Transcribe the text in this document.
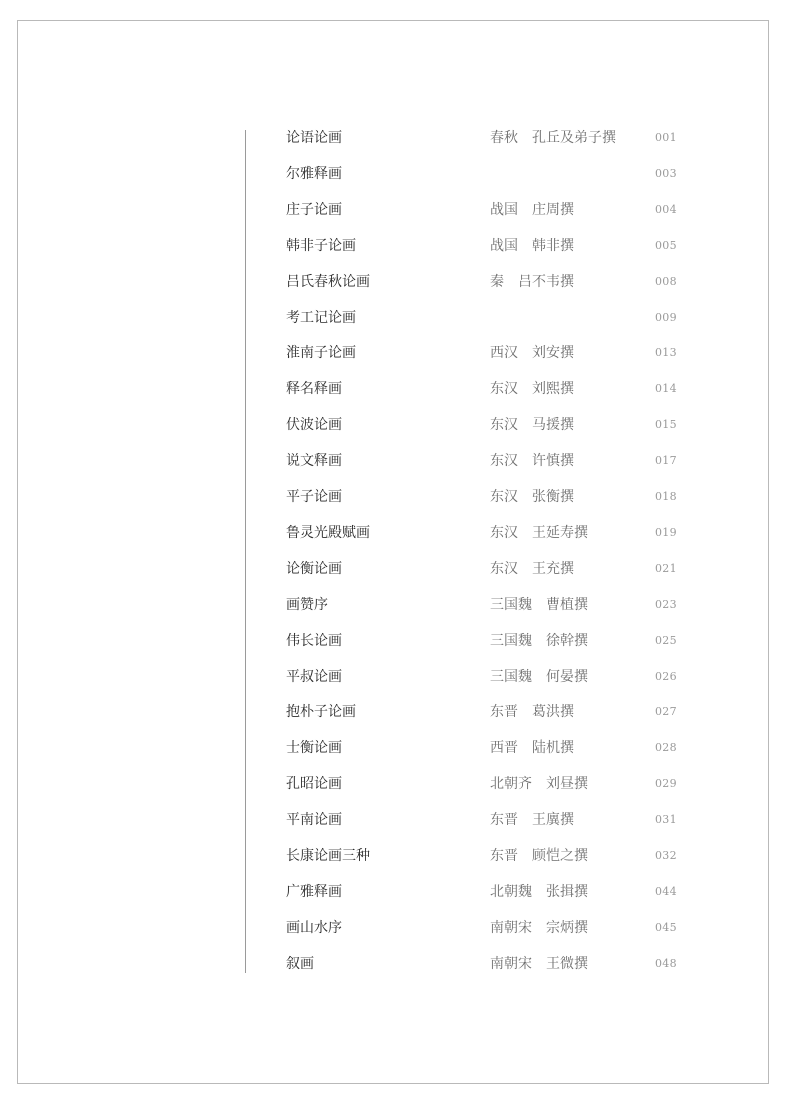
论语论画	春秋　孔丘及弟子撰	001
尔雅释画	003
庄子论画	战国　庄周撰	004
韩非子论画	战国　韩非撰	005
吕氏春秋论画	秦　吕不韦撰	008
考工记论画	009
淮南子论画	西汉　刘安撰	013
释名释画	东汉　刘熙撰	014
伏波论画	东汉　马援撰	015
说文释画	东汉　许慎撰	017
平子论画	东汉　张衡撰	018
鲁灵光殿赋画	东汉　王延寿撰	019
论衡论画	东汉　王充撰	021
画赞序	三国魏　曹植撰	023
伟长论画	三国魏　徐幹撰	025
平叔论画	三国魏　何晏撰	026
抱朴子论画	东晋　葛洪撰	027
士衡论画	西晋　陆机撰	028
孔昭论画	北朝齐　刘昼撰	029
平南论画	东晋　王廙撰	031
长康论画三种	东晋　顾恺之撰	032
广雅释画	北朝魏　张揖撰	044
画山水序	南朝宋　宗炳撰	045
叙画	南朝宋　王微撰	048
